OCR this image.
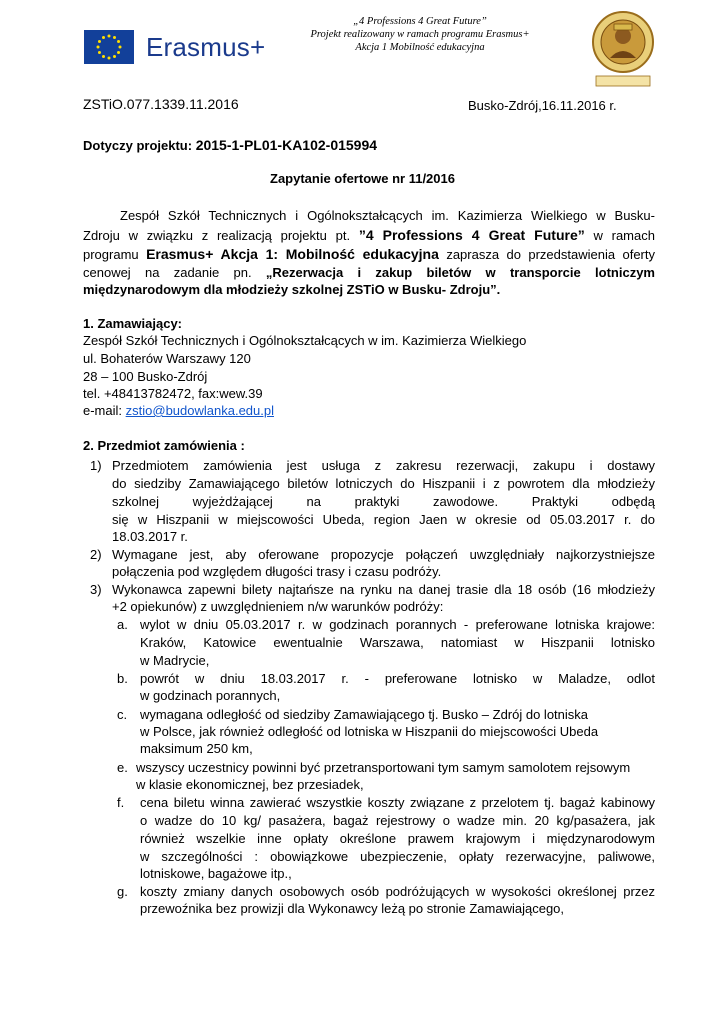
„4 Professions 4 Great Future”
Projekt realizowany w ramach programu Erasmus+
Akcja 1 Mobilność edukacyjna
Erasmus+
ZSTiO.077.1339.11.2016	Busko-Zdrój,16.11.2016 r.
Dotyczy projektu: 2015-1-PL01-KA102-015994
Zapytanie ofertowe nr 11/2016
Zespół Szkół Technicznych i Ogólnokształcących im. Kazimierza Wielkiego w Busku-
Zdroju w związku z realizacją projektu pt. ”4 Professions 4 Great Future” w ramach
programu Erasmus+ Akcja 1: Mobilność edukacyjna zaprasza do przedstawienia oferty
cenowej na zadanie pn. „Rezerwacja i zakup biletów w transporcie lotniczym
międzynarodowym dla młodzieży szkolnej ZSTiO w Busku- Zdroju”.
1. Zamawiający:
Zespół Szkół Technicznych i Ogólnokształcących w im. Kazimierza Wielkiego
ul. Bohaterów Warszawy 120
28 – 100 Busko-Zdrój
tel. +48413782472, fax:wew.39
e-mail: zstio@budowlanka.edu.pl
2. Przedmiot zamówienia :
1) Przedmiotem zamówienia jest usługa z zakresu rezerwacji, zakupu i dostawy
do siedziby Zamawiającego biletów lotniczych do Hiszpanii i z powrotem dla młodzieży
szkolnej wyjeżdżającej na praktyki zawodowe. Praktyki odbędą
się w Hiszpanii w miejscowości Ubeda, region Jaen w okresie od 05.03.2017 r. do
18.03.2017 r.
2) Wymagane jest, aby oferowane propozycje połączeń uwzględniały najkorzystniejsze
połączenia pod względem długości trasy i czasu podróży.
3) Wykonawca zapewni bilety najtańsze na rynku na danej trasie dla 18 osób (16 młodzieży
+2 opiekunów) z uwzględnieniem n/w warunków podróży:
a. wylot w dniu 05.03.2017 r. w godzinach porannych - preferowane lotniska krajowe:
Kraków, Katowice ewentualnie Warszawa, natomiast w Hiszpanii lotnisko
w Madrycie,
b. powrót w dniu 18.03.2017 r. - preferowane lotnisko w Maladze, odlot
w godzinach porannych,
c. wymagana odległość od siedziby Zamawiającego tj. Busko – Zdrój do lotniska
w Polsce, jak również odległość od lotniska w Hiszpanii do miejscowości Ubeda
maksimum 250 km,
e. wszyscy uczestnicy powinni być przetransportowani tym samym samolotem rejsowym
w klasie ekonomicznej, bez przesiadek,
f. cena biletu winna zawierać wszystkie koszty związane z przelotem tj. bagaż kabinowy
o wadze do 10 kg/ pasażera, bagaż rejestrowy o wadze min. 20 kg/pasażera, jak
również wszelkie inne opłaty określone prawem krajowym i międzynarodowym
w szczególności : obowiązkowe ubezpieczenie, opłaty rezerwacyjne, paliwowe,
lotniskowe, bagażowe itp.,
g. koszty zmiany danych osobowych osób podróżujących w wysokości określonej przez
przewoźnika bez prowizji dla Wykonawcy leżą po stronie Zamawiającego,
